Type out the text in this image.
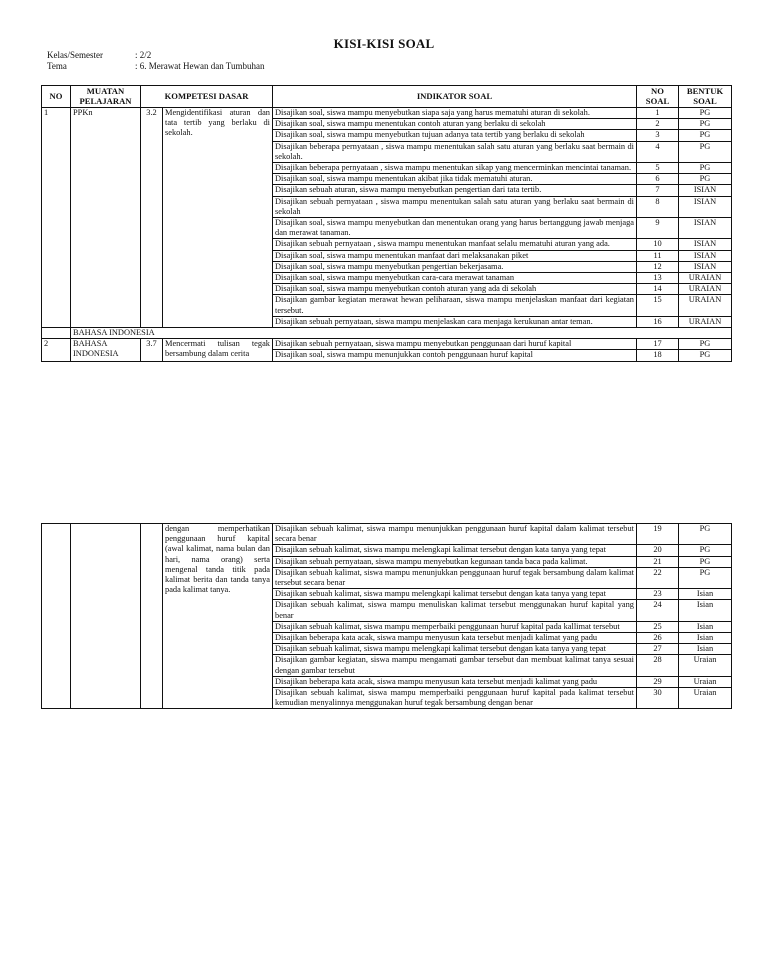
KISI-KISI SOAL
Kelas/Semester	: 2/2
Tema	: 6. Merawat Hewan dan Tumbuhan
NO	MUATAN PELAJARAN	KOMPETESI DASAR		INDIKATOR SOAL	NO SOAL	BENTUK SOAL
1	PPKn	3.2	Mengidentifikasi aturan dan tata tertib yang berlaku di sekolah.	Disajikan soal, siswa mampu menyebutkan siapa saja yang harus mematuhi aturan di sekolah.	1	PG
				Disajikan soal, siswa mampu menentukan contoh aturan yang berlaku di sekolah	2	PG
				Disajikan soal, siswa mampu menyebutkan tujuan adanya tata tertib yang berlaku di sekolah	3	PG
				Disajikan beberapa pernyataan , siswa mampu menentukan salah satu aturan yang berlaku saat bermain di sekolah.	4	PG
				Disajikan beberapa pernyataan , siswa mampu menentukan sikap yang mencerminkan mencintai tanaman.	5	PG
				Disajikan soal, siswa mampu menentukan akibat jika tidak mematuhi aturan.	6	PG
				Disajikan sebuah aturan, siswa mampu menyebutkan pengertian dari tata tertib.	7	ISIAN
				Disajikan sebuah pernyataan , siswa mampu menentukan salah satu aturan yang berlaku saat bermain di sekolah	8	ISIAN
				Disajikan soal, siswa mampu menyebutkan dan menentukan orang yang harus bertanggung jawab menjaga dan merawat tanaman.	9	ISIAN
				Disajikan sebuah pernyataan , siswa mampu menentukan manfaat selalu mematuhi aturan yang ada.	10	ISIAN
				Disajikan soal, siswa mampu menentukan manfaat dari melaksanakan piket	11	ISIAN
				Disajikan soal, siswa mampu menyebutkan pengertian bekerjasama.	12	ISIAN
				Disajikan soal, siswa mampu menyebutkan cara-cara merawat tanaman	13	URAIAN
				Disajikan soal, siswa mampu menyebutkan contoh aturan yang ada di sekolah	14	URAIAN
				Disajikan gambar kegiatan merawat hewan peliharaan, siswa mampu menjelaskan manfaat dari kegiatan tersebut.	15	URAIAN
				Disajikan sebuah pernyataan, siswa mampu menjelaskan cara menjaga kerukunan antar teman.	16	URAIAN
	BAHASA INDONESIA					
2	BAHASA INDONESIA	3.7	Mencermati tulisan tegak bersambung dalam cerita	Disajikan sebuah pernyataan, siswa mampu menyebutkan penggunaan dari huruf kapital	17	PG
				Disajikan soal, siswa mampu menunjukkan contoh penggunaan huruf kapital	18	PG
			dengan memperhatikan penggunaan huruf kapital (awal kalimat, nama bulan dan hari, nama orang) serta mengenal tanda titik pada kalimat berita dan tanda tanya pada kalimat tanya.	Disajikan sebuah kalimat, siswa mampu menunjukkan penggunaan huruf kapital dalam kalimat tersebut secara benar	19	PG
				Disajikan sebuah kalimat, siswa mampu melengkapi kalimat tersebut dengan kata tanya yang tepat	20	PG
				Disajikan sebuah pernyataan, siswa mampu menyebutkan kegunaan tanda baca pada kalimat.	21	PG
				Disajikan sebuah kalimat, siswa mampu menunjukkan penggunaan huruf tegak bersambung dalam kalimat tersebut secara benar	22	PG
				Disajikan sebuah kalimat, siswa mampu melengkapi kalimat tersebut dengan kata tanya yang tepat	23	Isian
				Disajikan sebuah kalimat, siswa mampu menuliskan kalimat tersebut menggunakan huruf kapital yang benar	24	Isian
				Disajikan sebuah kalimat, siswa mampu memperbaiki penggunaan huruf kapital pada kallimat tersebut	25	Isian
				Disajikan beberapa kata acak, siswa mampu menyusun kata tersebut menjadi kalimat yang padu	26	Isian
				Disajikan sebuah kalimat, siswa mampu melengkapi kalimat tersebut dengan kata tanya yang tepat	27	Isian
				Disajikan gambar kegiatan, siswa mampu mengamati gambar tersebut dan membuat kalimat tanya sesuai dengan gambar tersebut	28	Uraian
				Disajikan beberapa kata acak, siswa mampu menyusun kata tersebut menjadi kalimat yang padu	29	Uraian
				Disajikan sebuah kalimat, siswa mampu memperbaiki penggunaan huruf kapital pada kalimat tersebut kemudian menyalinnya menggunakan huruf tegak bersambung dengan benar	30	Uraian
